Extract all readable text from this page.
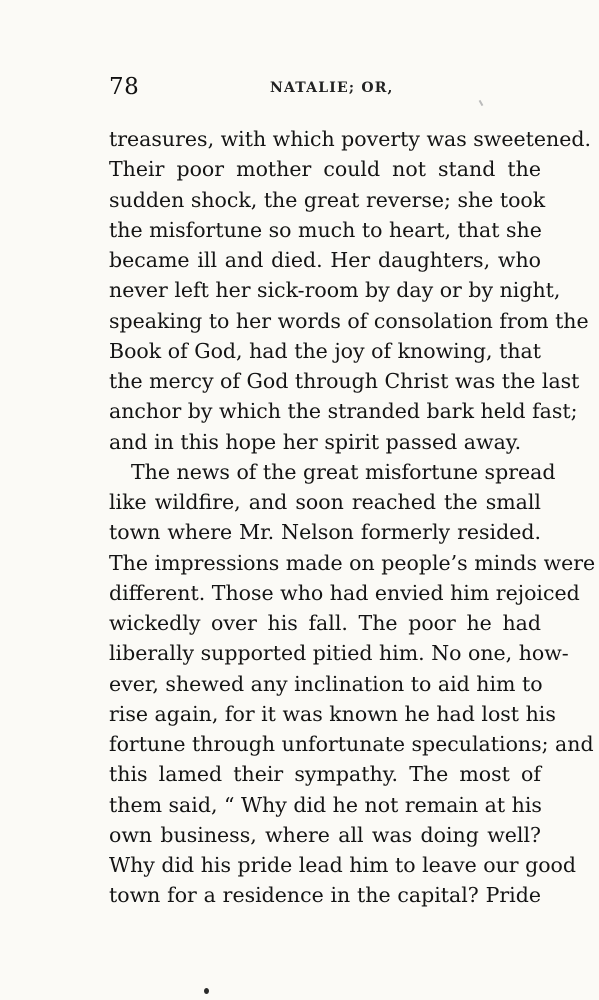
78	NATALIE; OR,
treasures, with which poverty was sweetened.
Their poor mother could not stand the
sudden shock, the great reverse; she took
the misfortune so much to heart, that she
became ill and died. Her daughters, who
never left her sick-room by day or by night,
speaking to her words of consolation from the
Book of God, had the joy of knowing, that
the mercy of God through Christ was the last
anchor by which the stranded bark held fast;
and in this hope her spirit passed away.
The news of the great misfortune spread
like wildfire, and soon reached the small
town where Mr. Nelson formerly resided.
The impressions made on people’s minds were
different. Those who had envied him rejoiced
wickedly over his fall. The poor he had
liberally supported pitied him. No one, how-
ever, shewed any inclination to aid him to
rise again, for it was known he had lost his
fortune through unfortunate speculations; and
this lamed their sympathy. The most of
them said, “ Why did he not remain at his
own business, where all was doing well?
Why did his pride lead him to leave our good
town for a residence in the capital? Pride
